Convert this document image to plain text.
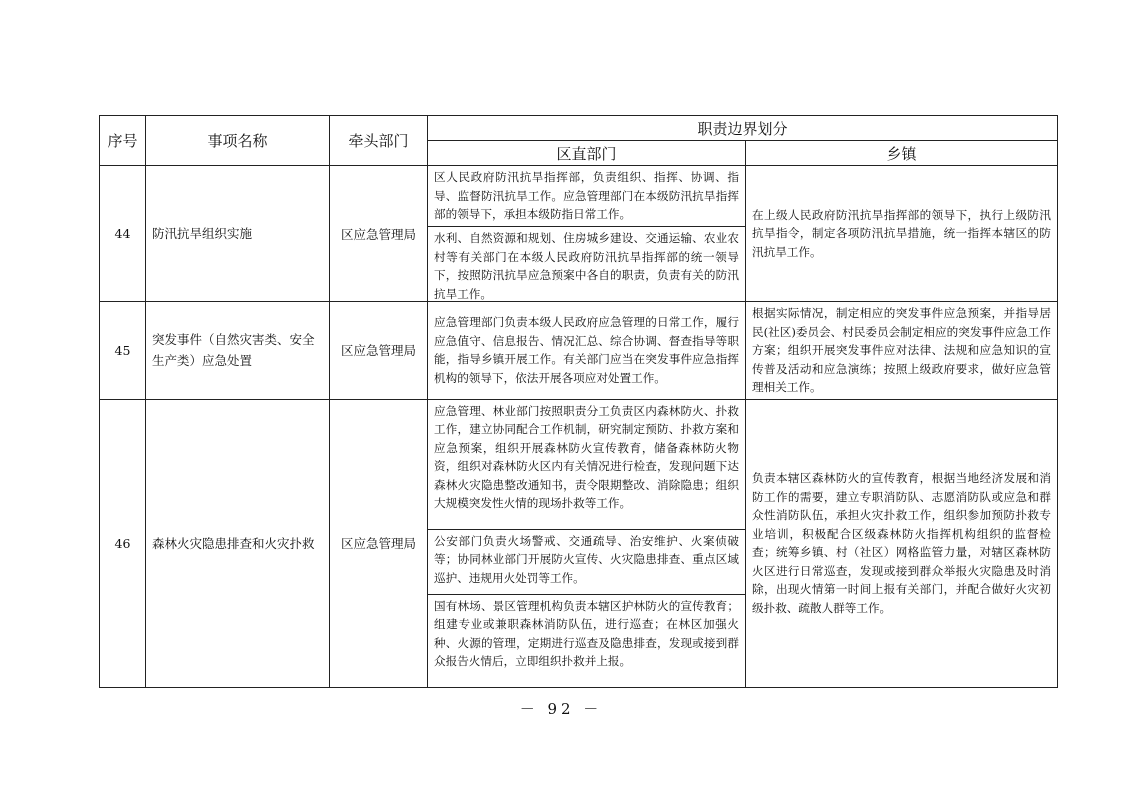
序号	事项名称	牵头部门	职责边界划分	
			区直部门	乡镇
44	防汛抗旱组织实施	区应急管理局	区人民政府防汛抗旱指挥部，负责组织、指挥、协调、指导、监督防汛抗旱工作。应急管理部门在本级防汛抗旱指挥部的领导下，承担本级防指日常工作。
水利、自然资源和规划、住房城乡建设、交通运输、农业农村等有关部门在本级人民政府防汛抗旱指挥部的统一领导下，按照防汛抗旱应急预案中各自的职责，负责有关的防汛抗旱工作。	在上级人民政府防汛抗旱指挥部的领导下，执行上级防汛抗旱指令，制定各项防汛抗旱措施，统一指挥本辖区的防汛抗旱工作。
45	突发事件（自然灾害类、安全生产类）应急处置	区应急管理局	应急管理部门负责本级人民政府应急管理的日常工作，履行应急值守、信息报告、情况汇总、综合协调、督查指导等职能，指导乡镇开展工作。有关部门应当在突发事件应急指挥机构的领导下，依法开展各项应对处置工作。	根据实际情况，制定相应的突发事件应急预案，并指导居民(社区)委员会、村民委员会制定相应的突发事件应急工作方案；组织开展突发事件应对法律、法规和应急知识的宣传普及活动和应急演练；按照上级政府要求，做好应急管理相关工作。
46	森林火灾隐患排查和火灾扑救	区应急管理局	应急管理、林业部门按照职责分工负责区内森林防火、扑救工作，建立协同配合工作机制，研究制定预防、扑救方案和应急预案，组织开展森林防火宣传教育，储备森林防火物资，组织对森林防火区内有关情况进行检查，发现问题下达森林火灾隐患整改通知书，责令限期整改、消除隐患；组织大规模突发性火情的现场扑救等工作。
公安部门负责火场警戒、交通疏导、治安维护、火案侦破等；协同林业部门开展防火宣传、火灾隐患排查、重点区域巡护、违规用火处罚等工作。
国有林场、景区管理机构负责本辖区护林防火的宣传教育；组建专业或兼职森林消防队伍，进行巡查；在林区加强火种、火源的管理，定期进行巡查及隐患排查，发现或接到群众报告火情后，立即组织扑救并上报。	负责本辖区森林防火的宣传教育，根据当地经济发展和消防工作的需要，建立专职消防队、志愿消防队或应急和群众性消防队伍，承担火灾扑救工作，组织参加预防扑救专业培训，积极配合区级森林防火指挥机构组织的监督检查；统筹乡镇、村（社区）网格监管力量，对辖区森林防火区进行日常巡查，发现或接到群众举报火灾隐患及时消除，出现火情第一时间上报有关部门，并配合做好火灾初级扑救、疏散人群等工作。
－ 92 －
